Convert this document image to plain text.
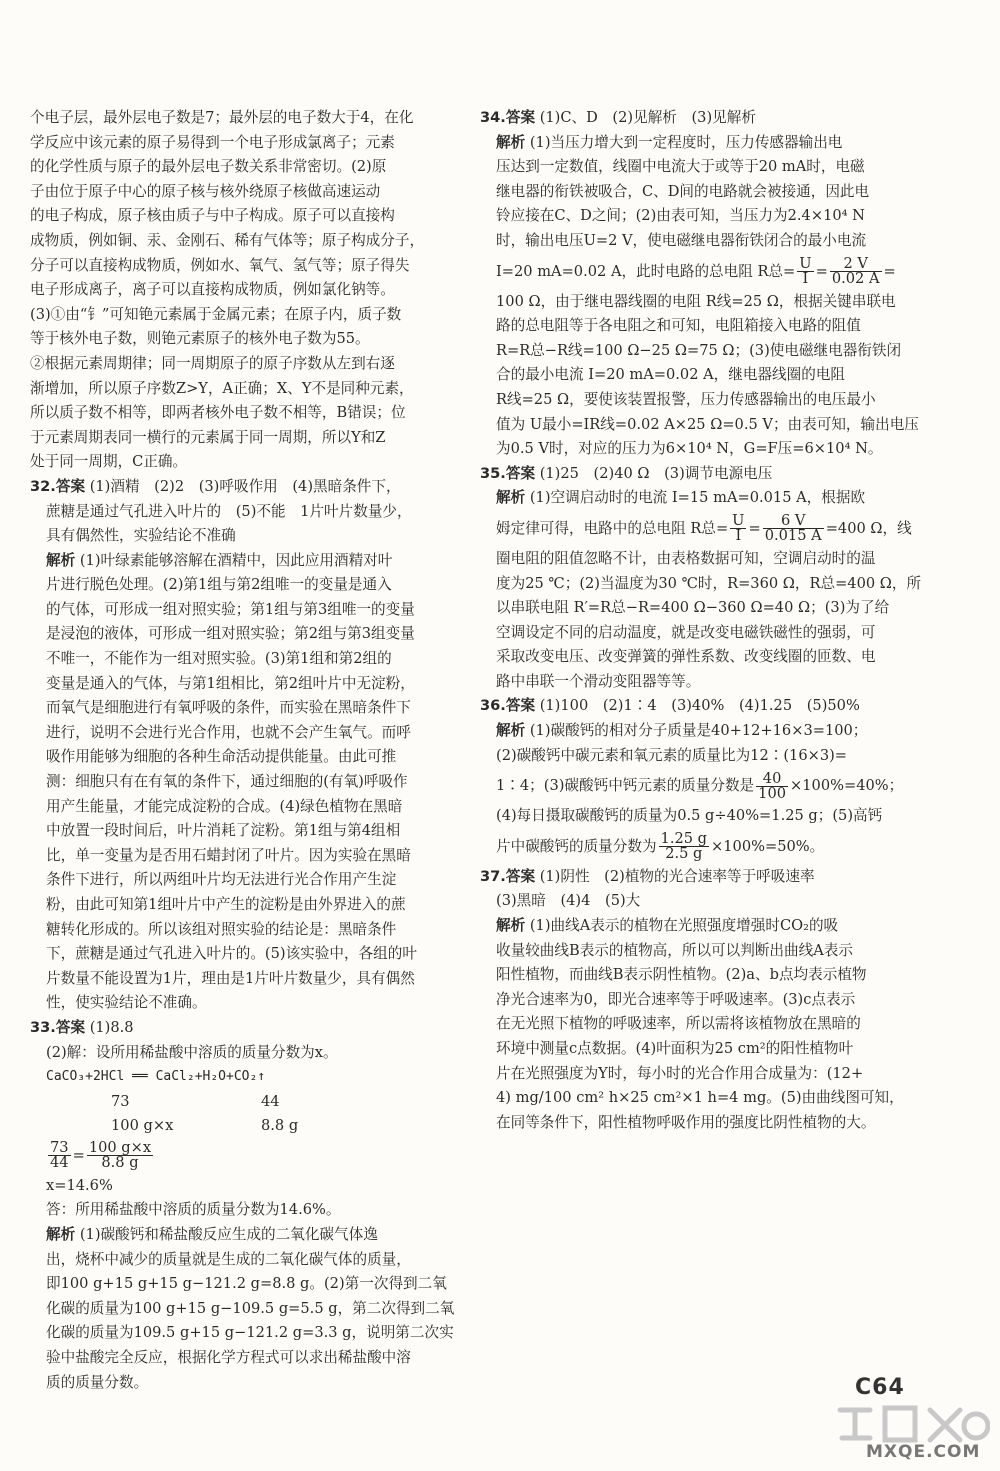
个电子层，最外层电子数是7；最外层的电子数大于4，在化

学反应中该元素的原子易得到一个电子形成氯离子；元素

的化学性质与原子的最外层电子数关系非常密切。(2)原

子由位于原子中心的原子核与核外绕原子核做高速运动

的电子构成，原子核由质子与中子构成。原子可以直接构

成物质，例如铜、汞、金刚石、稀有气体等；原子构成分子，

分子可以直接构成物质，例如水、氧气、氢气等；原子得失

电子形成离子，离子可以直接构成物质，例如氯化钠等。

(3)①由“钅”可知铯元素属于金属元素；在原子内，质子数

等于核外电子数，则铯元素原子的核外电子数为55。

②根据元素周期律；同一周期原子的原子序数从左到右逐

渐增加，所以原子序数Z>Y，A正确；X、Y不是同种元素，

所以质子数不相等，即两者核外电子数不相等，B错误；位

于元素周期表同一横行的元素属于同一周期，所以Y和Z

处于同一周期，C正确。

32.答案 (1)酒精　(2)2　(3)呼吸作用　(4)黑暗条件下，

蔗糖是通过气孔进入叶片的　(5)不能　1片叶片数量少，

具有偶然性，实验结论不准确

解析 (1)叶绿素能够溶解在酒精中，因此应用酒精对叶

片进行脱色处理。(2)第1组与第2组唯一的变量是通入

的气体，可形成一组对照实验；第1组与第3组唯一的变量

是浸泡的液体，可形成一组对照实验；第2组与第3组变量

不唯一，不能作为一组对照实验。(3)第1组和第2组的

变量是通入的气体，与第1组相比，第2组叶片中无淀粉，

而氧气是细胞进行有氧呼吸的条件，而实验在黑暗条件下

进行，说明不会进行光合作用，也就不会产生氧气。而呼

吸作用能够为细胞的各种生命活动提供能量。由此可推

测：细胞只有在有氧的条件下，通过细胞的(有氧)呼吸作

用产生能量，才能完成淀粉的合成。(4)绿色植物在黑暗

中放置一段时间后，叶片消耗了淀粉。第1组与第4组相

比，单一变量为是否用石蜡封闭了叶片。因为实验在黑暗

条件下进行，所以两组叶片均无法进行光合作用产生淀

粉，由此可知第1组叶片中产生的淀粉是由外界进入的蔗

糖转化形成的。所以该组对照实验的结论是：黑暗条件

下，蔗糖是通过气孔进入叶片的。(5)该实验中，各组的叶

片数量不能设置为1片，理由是1片叶片数量少，具有偶然

性，使实验结论不准确。

33.答案 (1)8.8

(2)解：设所用稀盐酸中溶质的质量分数为x。

CaCO₃+2HCl ══ CaCl₂+H₂O+CO₂↑

73	44
100 g×x	8.8 g

$\frac{73}{44} = \frac{100 g\times x}{8.8 g}$

x=14.6%

答：所用稀盐酸中溶质的质量分数为14.6%。

解析 (1)碳酸钙和稀盐酸反应生成的二氧化碳气体逸

出，烧杯中减少的质量就是生成的二氧化碳气体的质量，

即100 g+15 g+15 g−121.2 g=8.8 g。(2)第一次得到二氧

化碳的质量为100 g+15 g−109.5 g=5.5 g，第二次得到二氧

化碳的质量为109.5 g+15 g−121.2 g=3.3 g，说明第二次实

验中盐酸完全反应，根据化学方程式可以求出稀盐酸中溶

质的质量分数。

34.答案 (1)C、D　(2)见解析　(3)见解析

解析 (1)当压力增大到一定程度时，压力传感器输出电

压达到一定数值，线圈中电流大于或等于20 mA时，电磁

继电器的衔铁被吸合，C、D间的电路就会被接通，因此电

铃应接在C、D之间；(2)由表可知，当压力为2.4×10⁴ N

时，输出电压U=2 V，使电磁继电器衔铁闭合的最小电流

I=20 mA=0.02 A，此时电路的总电阻 R总= $\frac{U}{I} = \frac{2 V}{0.02 A}$ =

100 Ω，由于继电器线圈的电阻 R线=25 Ω，根据关键串联电

路的总电阻等于各电阻之和可知，电阻箱接入电路的阻值

R=R总−R线=100 Ω−25 Ω=75 Ω；(3)使电磁继电器衔铁闭

合的最小电流 I=20 mA=0.02 A，继电器线圈的电阻

R线=25 Ω，要使该装置报警，压力传感器输出的电压最小

值为 U最小=IR线=0.02 A×25 Ω=0.5 V；由表可知，输出电压

为0.5 V时，对应的压力为6×10⁴ N，G=F压=6×10⁴ N。

35.答案 (1)25　(2)40 Ω　(3)调节电源电压

解析 (1)空调启动时的电流 I=15 mA=0.015 A，根据欧

姆定律可得，电路中的总电阻 R总= $\frac{U}{I} = \frac{6 V}{0.015 A} =400$ Ω，线

圈电阻的阻值忽略不计，由表格数据可知，空调启动时的温

度为25 ℃；(2)当温度为30 ℃时，R=360 Ω，R总=400 Ω，所

以串联电阻 R′=R总−R=400 Ω−360 Ω=40 Ω；(3)为了给

空调设定不同的启动温度，就是改变电磁铁磁性的强弱，可

采取改变电压、改变弹簧的弹性系数、改变线圈的匝数、电

路中串联一个滑动变阻器等等。

36.答案 (1)100　(2)1∶4　(3)40%　(4)1.25　(5)50%

解析 (1)碳酸钙的相对分子质量是40+12+16×3=100；

(2)碳酸钙中碳元素和氧元素的质量比为12∶(16×3)=

1∶4；(3)碳酸钙中钙元素的质量分数是 $\frac{40}{100} \times 100\%=40\%$；

(4)每日摄取碳酸钙的质量为0.5 g÷40%=1.25 g；(5)高钙

片中碳酸钙的质量分数为 $\frac{1.25 g}{2.5 g} \times 100\%=50\%$。

37.答案 (1)阴性　(2)植物的光合速率等于呼吸速率

(3)黑暗　(4)4　(5)大

解析 (1)曲线A表示的植物在光照强度增强时CO₂的吸

收量较曲线B表示的植物高，所以可以判断出曲线A表示

阳性植物，而曲线B表示阴性植物。(2)a、b点均表示植物

净光合速率为0，即光合速率等于呼吸速率。(3)c点表示

在无光照下植物的呼吸速率，所以需将该植物放在黑暗的

环境中测量c点数据。(4)叶面积为25 cm²的阳性植物叶

片在光照强度为Y时，每小时的光合作用合成量为：(12+

4) mg/100 cm² h×25 cm²×1 h=4 mg。(5)由曲线图可知，

在同等条件下，阳性植物呼吸作用的强度比阴性植物的大。

C64
MXQE.COM
